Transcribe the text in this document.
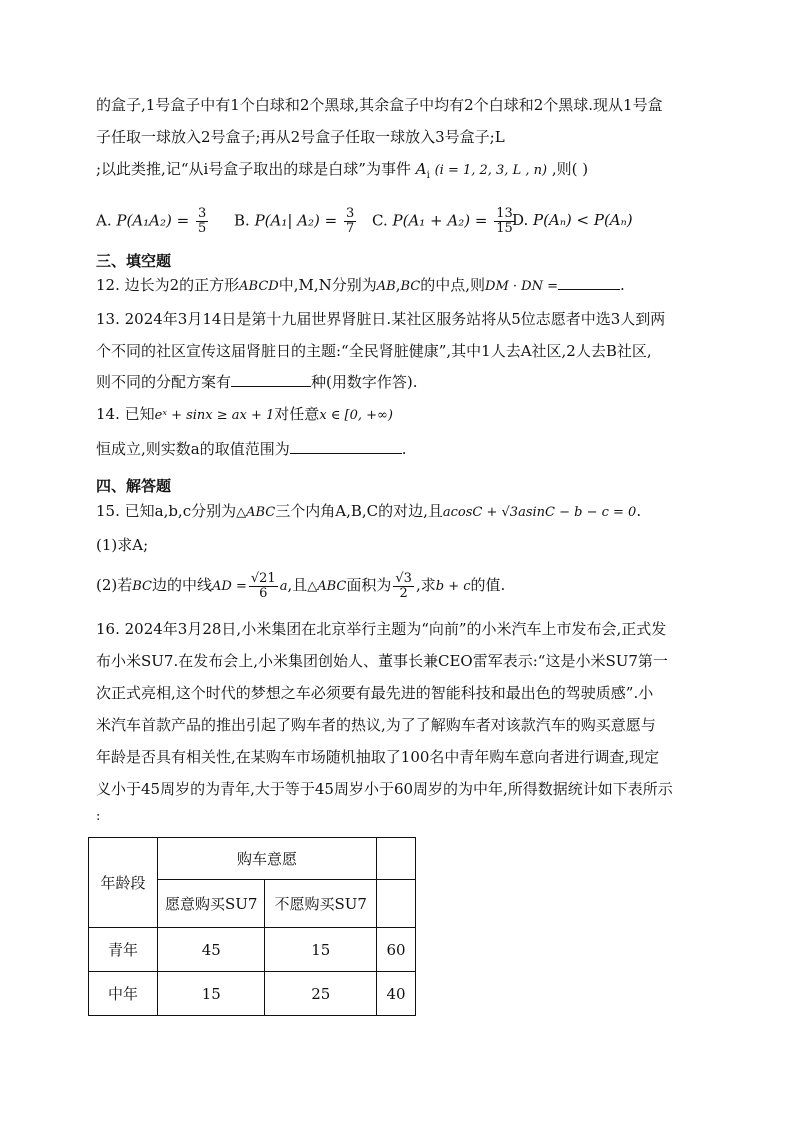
的盒子,1号盒子中有1个白球和2个黑球,其余盒子中均有2个白球和2个黑球.现从1号盒
子任取一球放入2号盒子;再从2号盒子任取一球放入3号盒子;L
;以此类推,记“从i号盒子取出的球是白球”为事件 $A_i$ (i = 1, 2, 3, L , n) ,则( )
A. $P(A_1A_2) = \frac{3}{5} B$. P(A₁| $A_2) = \frac{3}{7} C$. $P(A_1 + A_2) = \frac{13}{15}$
D. P(Aₙ) < P(Aₙ)
三、填空题
12. 边长为2的正方形ABCD中,M,N分别为AB,BC的中点,则DM · DN =	.
13. 2024年3月14日是第十九届世界肾脏日.某社区服务站将从5位志愿者中选3人到两
个不同的社区宣传这届肾脏日的主题:“全民肾脏健康”,其中1人去A社区,2人去B社区,
则不同的分配方案有	种(用数字作答).
14. 已知eˣ + sinx ≥ ax + 1对任意x ∈ [0, +∞)
恒成立,则实数a的取值范围为	.
四、解答题
15. 已知a,b,c分别为△ABC三个内角A,B,C的对边,且acosC + √3asinC − b − c = 0.
(1)求A;
(2)若BC边的中线AD = $\frac{√21}{6} a$,且△ABC面积为 $\frac{√3}{2}$ ,求b + c的值.
16. 2024年3月28日,小米集团在北京举行主题为“向前”的小米汽车上市发布会,正式发
布小米SU7.在发布会上,小米集团创始人、董事长兼CEO雷军表示:“这是小米SU7第一
次正式亮相,这个时代的梦想之车必须要有最先进的智能科技和最出色的驾驶质感”.小
米汽车首款产品的推出引起了购车者的热议,为了了解购车者对该款汽车的购买意愿与
年龄是否具有相关性,在某购车市场随机抽取了100名中青年购车意向者进行调查,现定
义小于45周岁的为青年,大于等于45周岁小于60周岁的为中年,所得数据统计如下表所示
:
年龄段	购车意愿		
	愿意购买SU7	不愿购买SU7	
青年	45	15	60
中年	15	25	40
